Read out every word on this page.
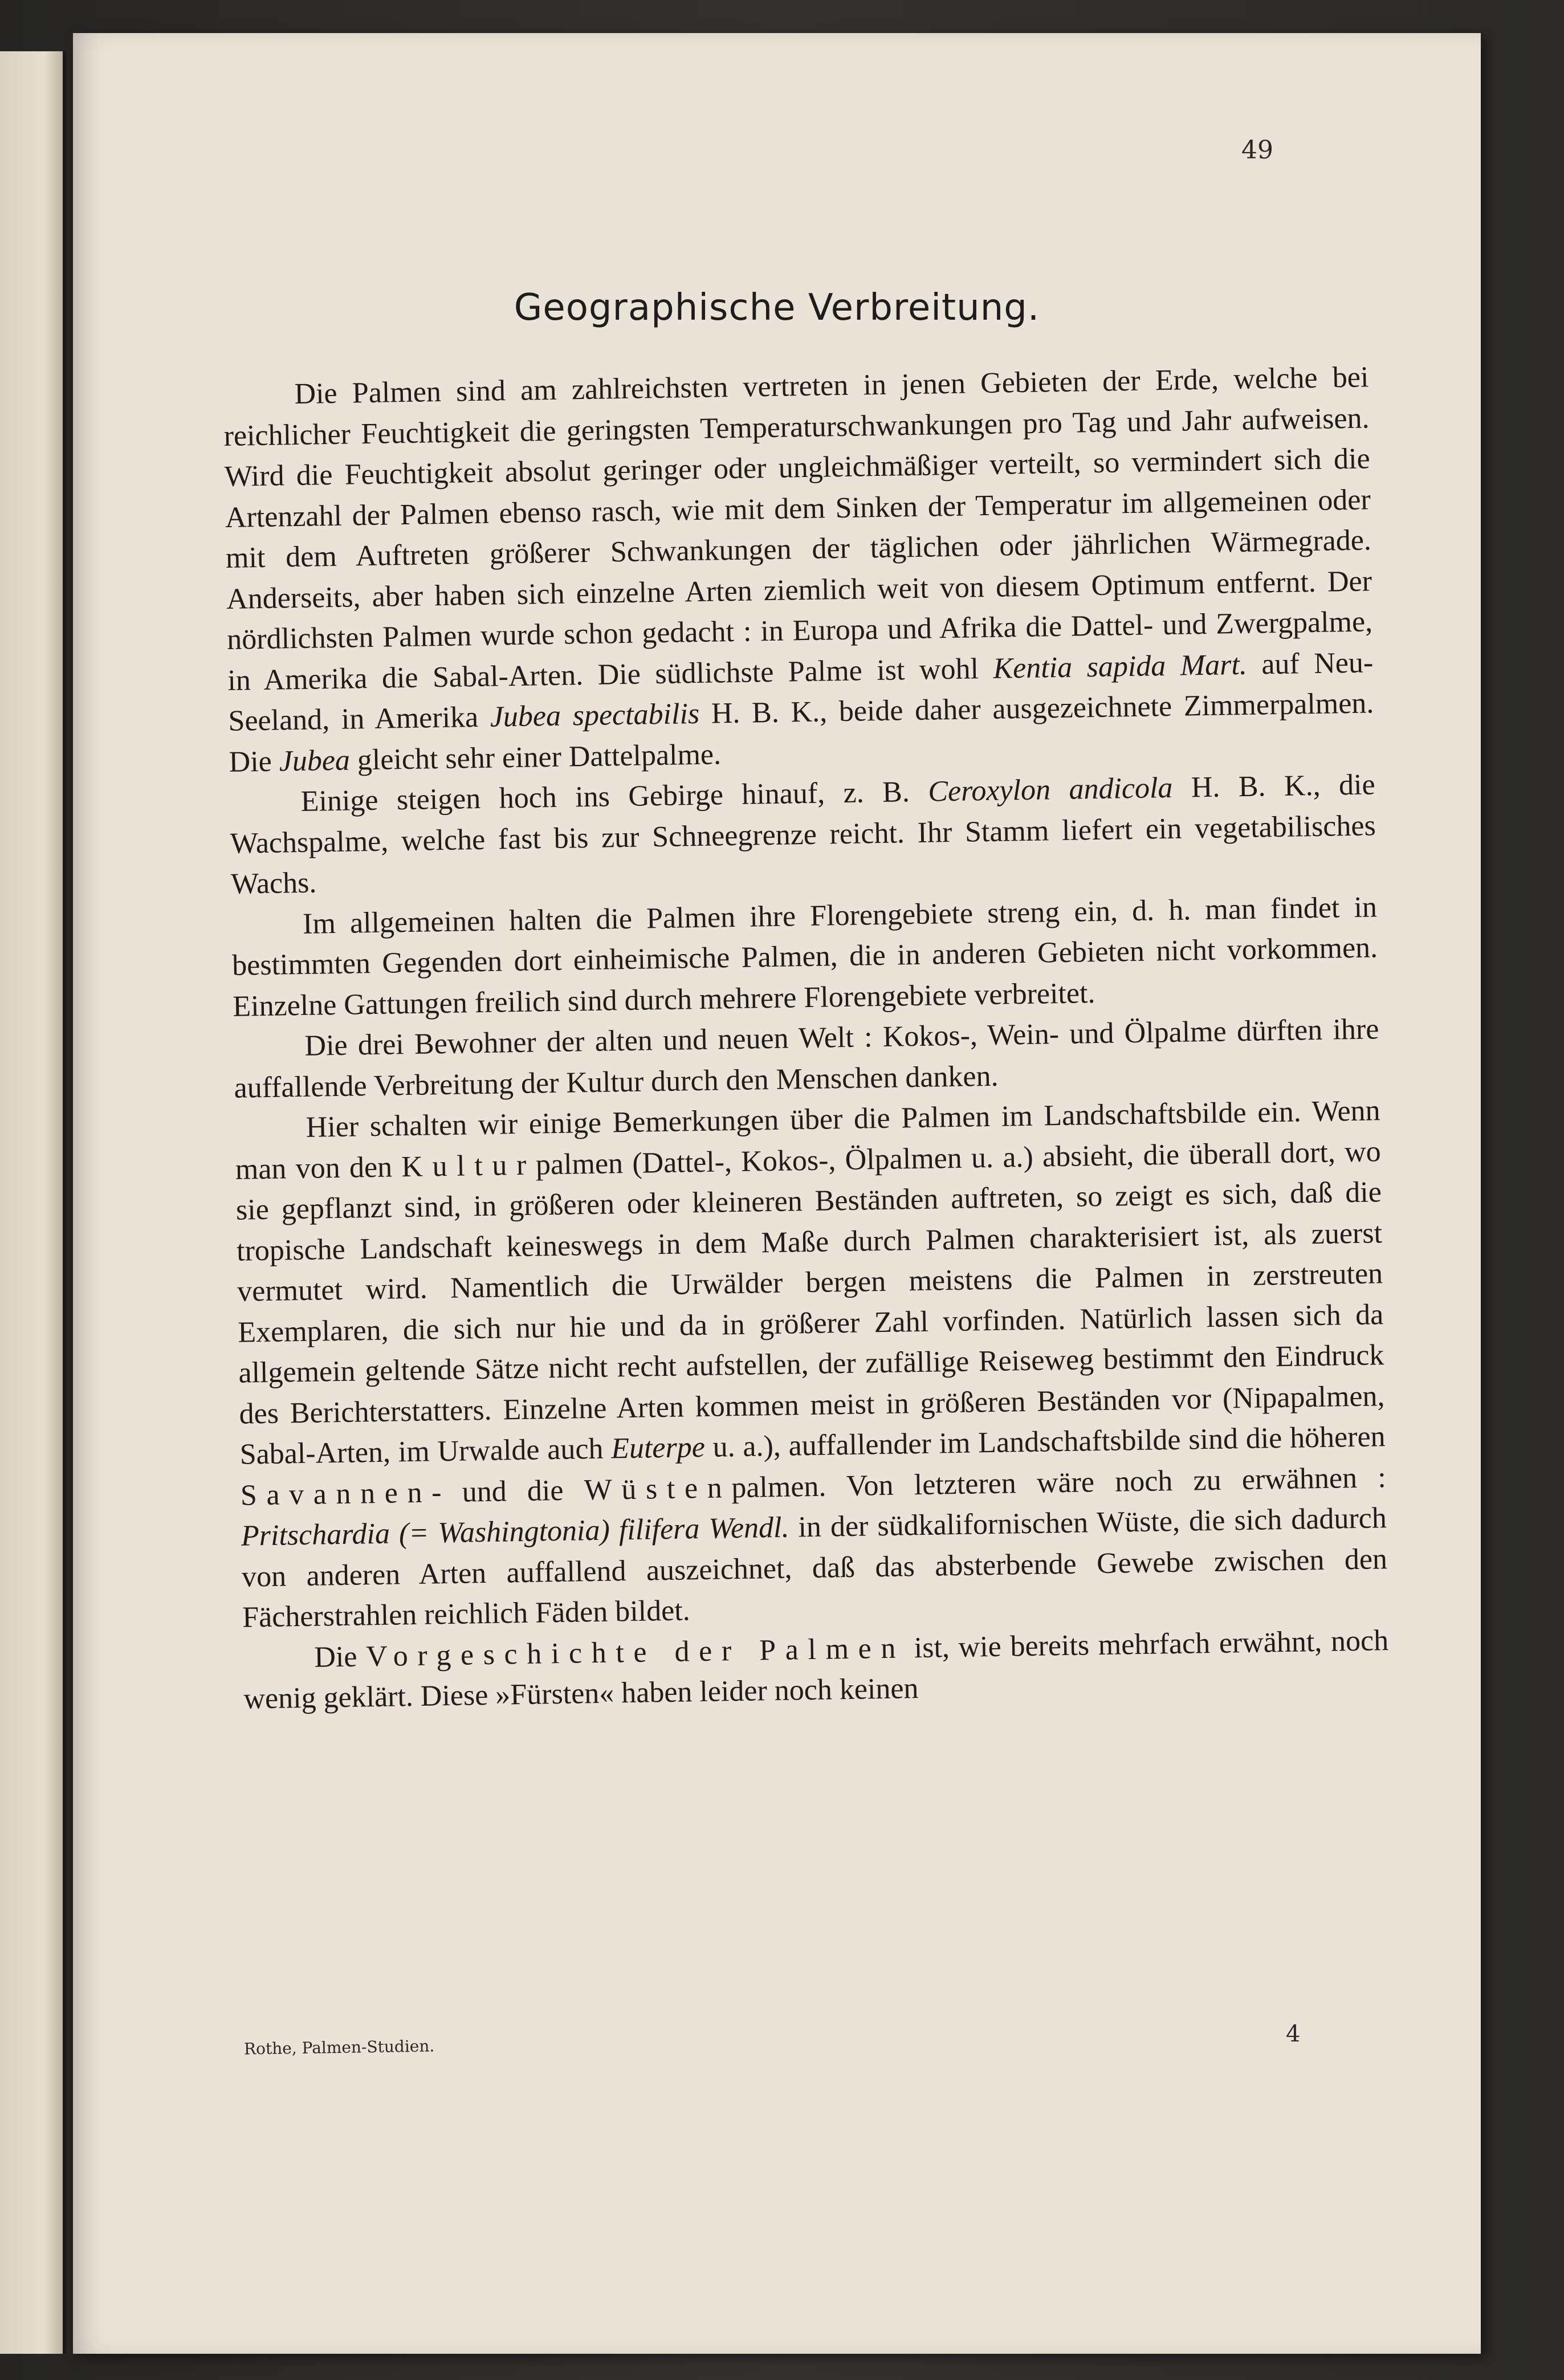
49
Geographische Verbreitung.

Die Palmen sind am zahlreichsten vertreten in jenen Gebieten der Erde, welche bei reichlicher Feuchtigkeit die geringsten Temperaturschwankungen pro Tag und Jahr aufweisen. Wird die Feuchtigkeit absolut geringer oder ungleichmäßiger verteilt, so vermindert sich die Artenzahl der Palmen ebenso rasch, wie mit dem Sinken der Temperatur im allgemeinen oder mit dem Auftreten größerer Schwankungen der täglichen oder jährlichen Wärmegrade. Anderseits, aber haben sich einzelne Arten ziemlich weit von diesem Optimum entfernt. Der nördlichsten Palmen wurde schon gedacht : in Europa und Afrika die Dattel- und Zwergpalme, in Amerika die Sabal-Arten. Die südlichste Palme ist wohl Kentia sapida Mart. auf Neu-Seeland, in Amerika Jubea spectabilis H. B. K., beide daher ausgezeichnete Zimmerpalmen. Die Jubea gleicht sehr einer Dattelpalme.

Einige steigen hoch ins Gebirge hinauf, z. B. Ceroxylon andicola H. B. K., die Wachspalme, welche fast bis zur Schneegrenze reicht. Ihr Stamm liefert ein vegetabilisches Wachs.

Im allgemeinen halten die Palmen ihre Florengebiete streng ein, d. h. man findet in bestimmten Gegenden dort einheimische Palmen, die in anderen Gebieten nicht vorkommen. Einzelne Gattungen freilich sind durch mehrere Florengebiete verbreitet.

Die drei Bewohner der alten und neuen Welt : Kokos-, Wein- und Ölpalme dürften ihre auffallende Verbreitung der Kultur durch den Menschen danken.

Hier schalten wir einige Bemerkungen über die Palmen im Landschaftsbilde ein. Wenn man von den Kulturpalmen (Dattel-, Kokos-, Ölpalmen u. a.) absieht, die überall dort, wo sie gepflanzt sind, in größeren oder kleineren Beständen auftreten, so zeigt es sich, daß die tropische Landschaft keineswegs in dem Maße durch Palmen charakterisiert ist, als zuerst vermutet wird. Namentlich die Urwälder bergen meistens die Palmen in zerstreuten Exemplaren, die sich nur hie und da in größerer Zahl vorfinden. Natürlich lassen sich da allgemein geltende Sätze nicht recht aufstellen, der zufällige Reiseweg bestimmt den Eindruck des Berichterstatters. Einzelne Arten kommen meist in größeren Beständen vor (Nipapalmen, Sabal-Arten, im Urwalde auch Euterpe u. a.), auffallender im Landschaftsbilde sind die höheren Savannen- und die Wüstenpalmen. Von letzteren wäre noch zu erwähnen : Pritschardia (= Washingtonia) filifera Wendl. in der südkalifornischen Wüste, die sich dadurch von anderen Arten auffallend auszeichnet, daß das absterbende Gewebe zwischen den Fächerstrahlen reichlich Fäden bildet.

Die Vorgeschichte der Palmen ist, wie bereits mehrfach erwähnt, noch wenig geklärt. Diese »Fürsten« haben leider noch keinen

Rothe, Palmen-Studien.
4
